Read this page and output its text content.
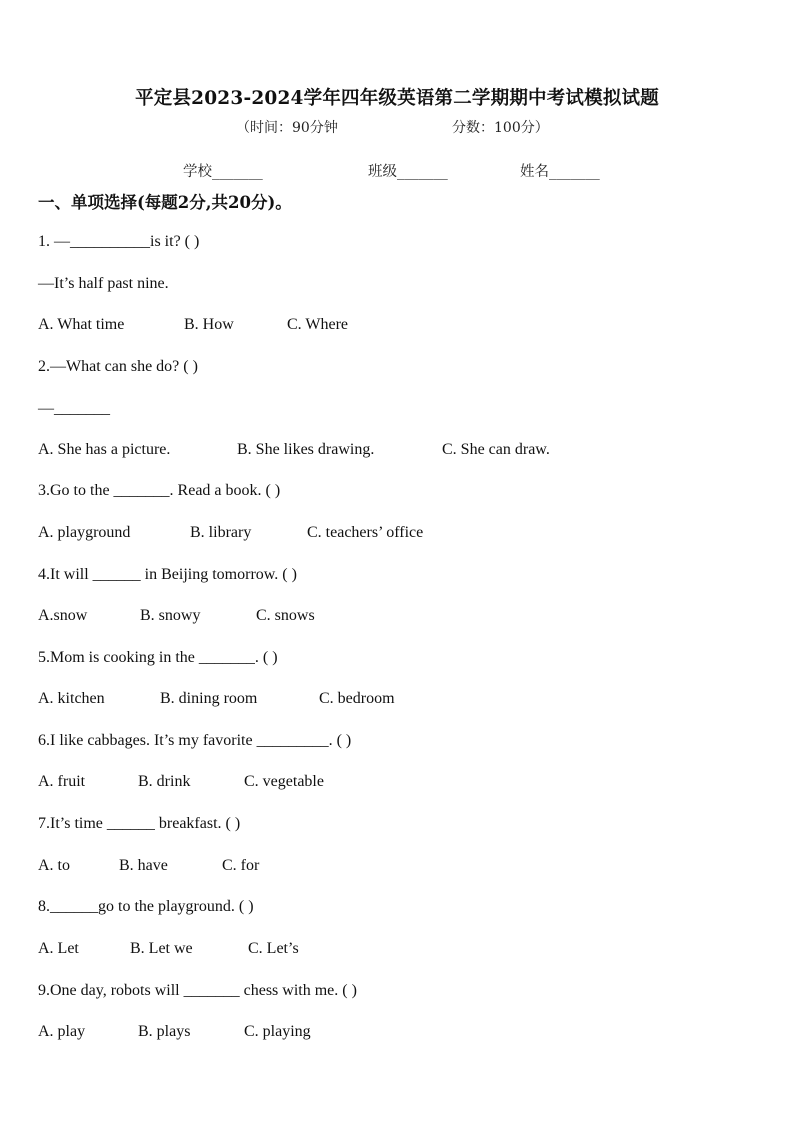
平定县2023-2024学年四年级英语第二学期期中考试模拟试题
（时间：90分钟	分数：100分）
学校_______	班级_______	姓名_______
一、单项选择(每题2分,共20分)。
1. —__________is it? ( )
—It’s half past nine.
A. What time	B. How	C. Where
2.—What can she do? ( )
—_______
A. She has a picture.	B. She likes drawing.	C. She can draw.
3.Go to the _______. Read a book. ( )
A. playground	B. library	C. teachers’ office
4.It will ______ in Beijing tomorrow. ( )
A.snow	B. snowy	C. snows
5.Mom is cooking in the _______. ( )
A. kitchen	B. dining room	C. bedroom
6.I like cabbages. It’s my favorite _________. ( )
A. fruit	B. drink	C. vegetable
7.It’s time ______ breakfast. ( )
A. to	B. have	C. for
8.______go to the playground. ( )
A. Let	B. Let we	C. Let’s
9.One day, robots will _______ chess with me. ( )
A. play	B. plays	C. playing
